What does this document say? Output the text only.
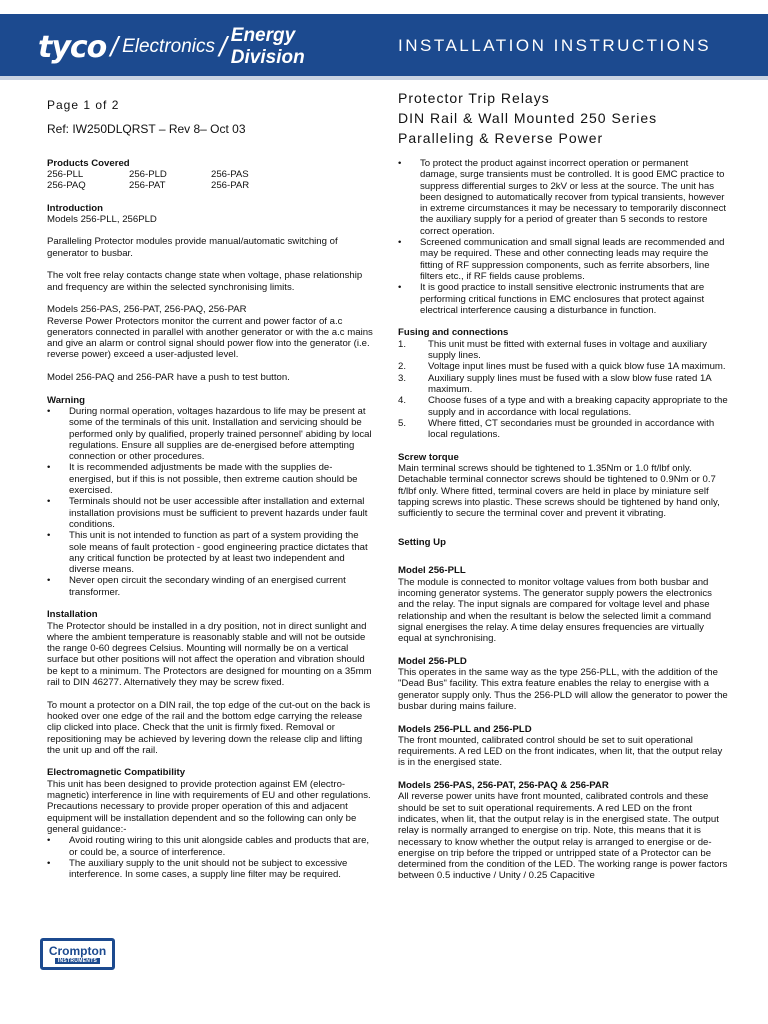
tyco / Electronics / Energy Division
INSTALLATION INSTRUCTIONS
Page 1 of 2
Ref: IW250DLQRST – Rev 8– Oct 03
Protector Trip Relays
DIN Rail & Wall Mounted 250 Series
Paralleling & Reverse Power
Products Covered
256-PLL	256-PLD	256-PAS
256-PAQ	256-PAT	256-PAR
Introduction

Models 256-PLL, 256PLD

Paralleling Protector modules provide manual/automatic switching of generator to busbar.

The volt free relay contacts change state when voltage, phase relationship and frequency are within the selected synchronising limits.

Models 256-PAS, 256-PAT, 256-PAQ, 256-PAR

Reverse Power Protectors monitor the current and power factor of a.c generators connected in parallel with another generator or with the a.c mains and give an alarm or control signal should power flow into the generator (i.e. reverse power) exceed a user-adjusted level.

Model 256-PAQ and 256-PAR have a push to test button.

Warning
• During normal operation, voltages hazardous to life may be present at some of the terminals of this unit. Installation and servicing should be performed only by qualified, properly trained personnel' abiding by local regulations. Ensure all supplies are de-energised before attempting connection or other procedures.
• It is recommended adjustments be made with the supplies de-energised, but if this is not possible, then extreme caution should be exercised.
• Terminals should not be user accessible after installation and external installation provisions must be sufficient to prevent hazards under fault conditions.
• This unit is not intended to function as part of a system providing the sole means of fault protection - good engineering practice dictates that any critical function be protected by at least two independent and diverse means.
• Never open circuit the secondary winding of an energised current transformer.
Installation

The Protector should be installed in a dry position, not in direct sunlight and where the ambient temperature is reasonably stable and will not be outside the range 0-60 degrees Celsius. Mounting will normally be on a vertical surface but other positions will not affect the operation and vibration should be kept to a minimum. The Protectors are designed for mounting on a 35mm rail to DIN 46277. Alternatively they may be screw fixed.

To mount a protector on a DIN rail, the top edge of the cut-out on the back is hooked over one edge of the rail and the bottom edge carrying the release clip clicked into place. Check that the unit is firmly fixed. Removal or repositioning may be achieved by levering down the release clip and lifting the unit up and off the rail.

Electromagnetic Compatibility

This unit has been designed to provide protection against EM (electro-magnetic) interference in line with requirements of EU and other regulations. Precautions necessary to provide proper operation of this and adjacent equipment will be installation dependent and so the following can only be general guidance:-

• Avoid routing wiring to this unit alongside cables and products that are, or could be, a source of interference.
• The auxiliary supply to the unit should not be subject to excessive interference. In some cases, a supply line filter may be required.
• To protect the product against incorrect operation or permanent damage, surge transients must be controlled. It is good EMC practice to suppress differential surges to 2kV or less at the source. The unit has been designed to automatically recover from typical transients, however in extreme circumstances it may be necessary to temporarily disconnect the auxiliary supply for a period of greater than 5 seconds to restore correct operation.
• Screened communication and small signal leads are recommended and may be required. These and other connecting leads may require the fitting of RF suppression components, such as ferrite absorbers, line filters etc., if RF fields cause problems.
• It is good practice to install sensitive electronic instruments that are performing critical functions in EMC enclosures that protect against electrical interference causing a disturbance in function.
Fusing and connections
1. This unit must be fitted with external fuses in voltage and auxiliary supply lines.
2. Voltage input lines must be fused with a quick blow fuse 1A maximum.
3. Auxiliary supply lines must be fused with a slow blow fuse rated 1A maximum.
4. Choose fuses of a type and with a breaking capacity appropriate to the supply and in accordance with local regulations.
5. Where fitted, CT secondaries must be grounded in accordance with local regulations.
Screw torque

Main terminal screws should be tightened to 1.35Nm or 1.0 ft/lbf only. Detachable terminal connector screws should be tightened to 0.9Nm or 0.7 ft/lbf only. Where fitted, terminal covers are held in place by miniature self tapping screws into plastic. These screws should be tightened by hand only, sufficiently to secure the terminal cover and prevent it vibrating.

Setting Up
Model 256-PLL

The module is connected to monitor voltage values from both busbar and incoming generator systems. The generator supply powers the electronics and the relay. The input signals are compared for voltage level and phase relationship and when the resultant is below the selected limit a command signal energises the relay. A time delay ensures frequencies are virtually equal at synchronising.

Model 256-PLD

This operates in the same way as the type 256-PLL, with the addition of the "Dead Bus" facility. This extra feature enables the relay to energise with a generator supply only. Thus the 256-PLD will allow the generator to power the busbar during mains failure.

Models 256-PLL and 256-PLD

The front mounted, calibrated control should be set to suit operational requirements. A red LED on the front indicates, when lit, that the output relay is in the energised state.

Models 256-PAS, 256-PAT, 256-PAQ & 256-PAR

All reverse power units have front mounted, calibrated controls and these should be set to suit operational requirements. A red LED on the front indicates, when lit, that the output relay is in the energised state. The output relay is normally arranged to energise on trip. Note, this means that it is necessary to know whether the output relay is arranged to energise or de-energise on trip before the tripped or untripped state of a Protector can be determined from the condition of the LED. The working range is power factors between 0.5 inductive / Unity / 0.25 Capacitive

Crompton
INSTRUMENTS
